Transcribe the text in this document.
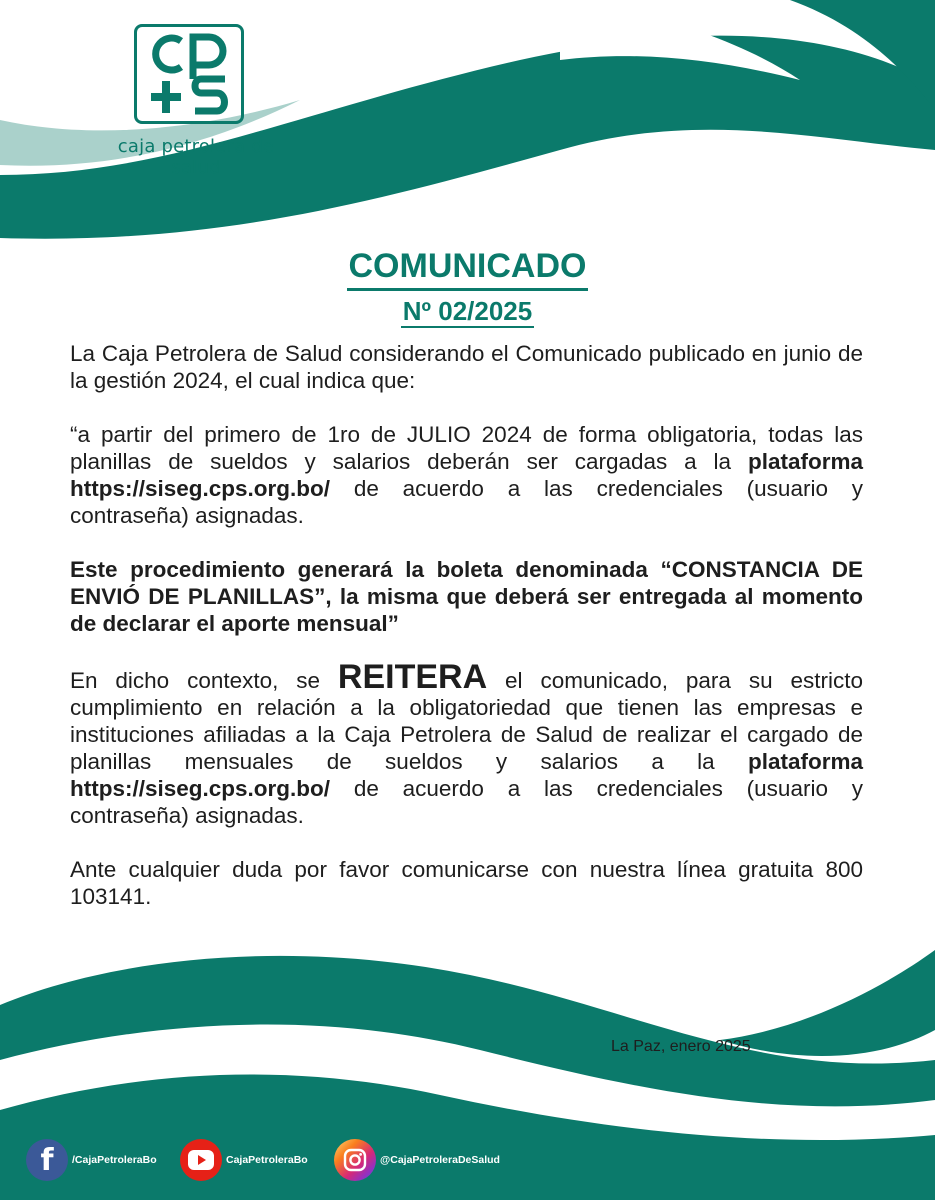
caja petrolera de salud
COMUNICADO
Nº 02/2025

La Caja Petrolera de Salud considerando el Comunicado publicado en junio de la gestión 2024, el cual indica que:

“a partir del primero de 1ro de JULIO 2024 de forma obligatoria, todas las planillas de sueldos y salarios deberán ser cargadas a la plataforma https://siseg.cps.org.bo/ de acuerdo a las credenciales (usuario y contraseña) asignadas.

Este procedimiento generará la boleta denominada “CONSTANCIA DE ENVIÓ DE PLANILLAS”, la misma que deberá ser entregada al momento de declarar el aporte mensual”

En dicho contexto, se REITERA el comunicado, para su estricto cumplimiento en relación a la obligatoriedad que tienen las empresas e instituciones afiliadas a la Caja Petrolera de Salud de realizar el cargado de planillas mensuales de sueldos y salarios a la plataforma https://siseg.cps.org.bo/ de acuerdo a las credenciales (usuario y contraseña) asignadas.

Ante cualquier duda por favor comunicarse con nuestra línea gratuita 800 103141.

La Paz, enero 2025
f	/CajaPetroleraBo	CajaPetroleraBo	@CajaPetroleraDeSalud
